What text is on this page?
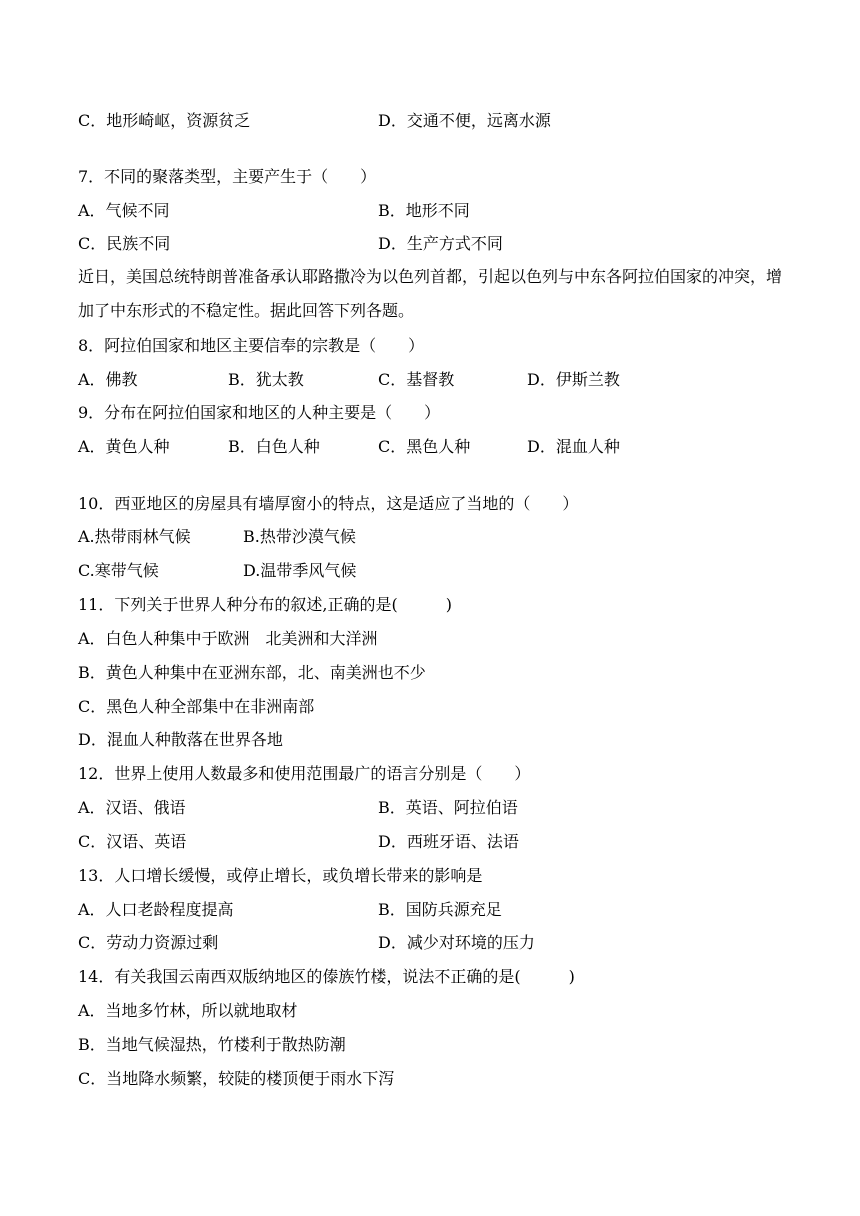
C．地形崎岖，资源贫乏	D．交通不便，远离水源
7．不同的聚落类型，主要产生于（　　）
A．气候不同	B．地形不同
C．民族不同	D．生产方式不同
近日，美国总统特朗普准备承认耶路撒冷为以色列首都，引起以色列与中东各阿拉伯国家的冲突，增加了中东形式的不稳定性。据此回答下列各题。
8．阿拉伯国家和地区主要信奉的宗教是（　　）
A．佛教	B．犹太教	C．基督教	D．伊斯兰教
9．分布在阿拉伯国家和地区的人种主要是（　　）
A．黄色人种	B．白色人种	C．黑色人种	D．混血人种
10．西亚地区的房屋具有墙厚窗小的特点，这是适应了当地的（　　）
A.热带雨林气候	B.热带沙漠气候
C.寒带气候	D.温带季风气候
11．下列关于世界人种分布的叙述,正确的是(　　　)
A．白色人种集中于欧洲　北美洲和大洋洲
B．黄色人种集中在亚洲东部，北、南美洲也不少
C．黑色人种全部集中在非洲南部
D．混血人种散落在世界各地
12．世界上使用人数最多和使用范围最广的语言分别是（　　）
A．汉语、俄语	B．英语、阿拉伯语
C．汉语、英语	D．西班牙语、法语
13．人口增长缓慢，或停止增长，或负增长带来的影响是
A．人口老龄程度提高	B．国防兵源充足
C．劳动力资源过剩	D．减少对环境的压力
14．有关我国云南西双版纳地区的傣族竹楼，说法不正确的是(　　　)
A．当地多竹林，所以就地取材
B．当地气候湿热，竹楼利于散热防潮
C．当地降水频繁，较陡的楼顶便于雨水下泻
